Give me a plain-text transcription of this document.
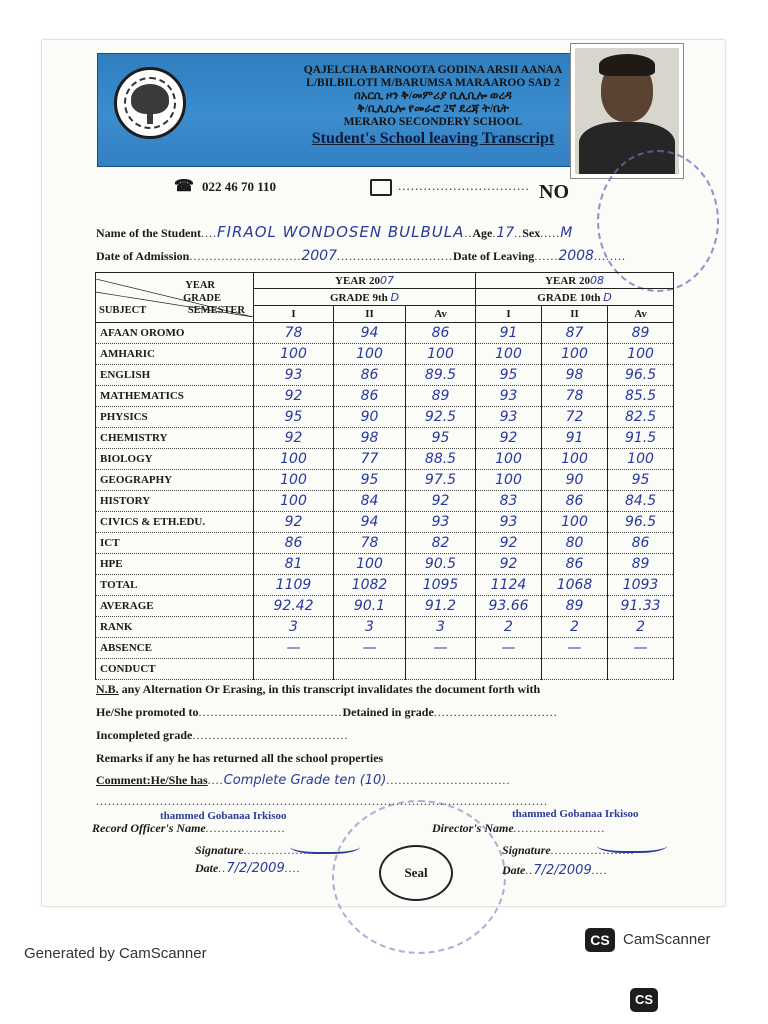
QAJELCHA BARNOOTA GODINA ARSII AANAA
L/BILBILOTI M/BARUMSA MARAAROO SAD 2
በአርሲ ዞን ቅ/መምሪያ ቢሊቢሎ ወረዳ
ቅ/ቢሊቢሎ የመራሮ 2ኛ ደረጃ ት/ቤት
MERARO SECONDERY SCHOOL
Student's School leaving Transcript
☎ 022 46 70 110	............................... NO
Name of the Student....FIRAOL WONDOSEN BULBULA..Age.17..Sex.....M
Date of Admission............................2007.............................Date of Leaving......2008........
YEAR
GRADE
SUBJECT SEMESTER	YEAR 2007			YEAR 2008		
	GRADE 9th D			GRADE 10th D		
	I	II	Av	I	II	Av
AFAAN OROMO	78	94	86	91	87	89
AMHARIC	100	100	100	100	100	100
ENGLISH	93	86	89.5	95	98	96.5
MATHEMATICS	92	86	89	93	78	85.5
PHYSICS	95	90	92.5	93	72	82.5
CHEMISTRY	92	98	95	92	91	91.5
BIOLOGY	100	77	88.5	100	100	100
GEOGRAPHY	100	95	97.5	100	90	95
HISTORY	100	84	92	83	86	84.5
CIVICS & ETH.EDU.	92	94	93	93	100	96.5
ICT	86	78	82	92	80	86
HPE	81	100	90.5	92	86	89
TOTAL	1109	1082	1095	1124	1068	1093
AVERAGE	92.42	90.1	91.2	93.66	89	91.33
RANK	3	3	3	2	2	2
ABSENCE	—	—	—	—	—	—
CONDUCT						
N.B. any Alternation Or Erasing, in this transcript invalidates the document forth with
He/She promoted to....................................Detained in grade...............................
Incompleted grade.......................................
Remarks if any he has returned all the school properties
Comment:He/She has....Complete Grade ten (10)...............................
.................................................................................................................
thammed Gobanaa Irkisoo	thammed Gobanaa Irkisoo
Record Officer's Name....................	Director's Name.......................
Signature.....................
Date..7/2/2009....	Seal
Signature.....................
Date..7/2/2009....
Generated by CamScanner
CS CamScanner
CS
